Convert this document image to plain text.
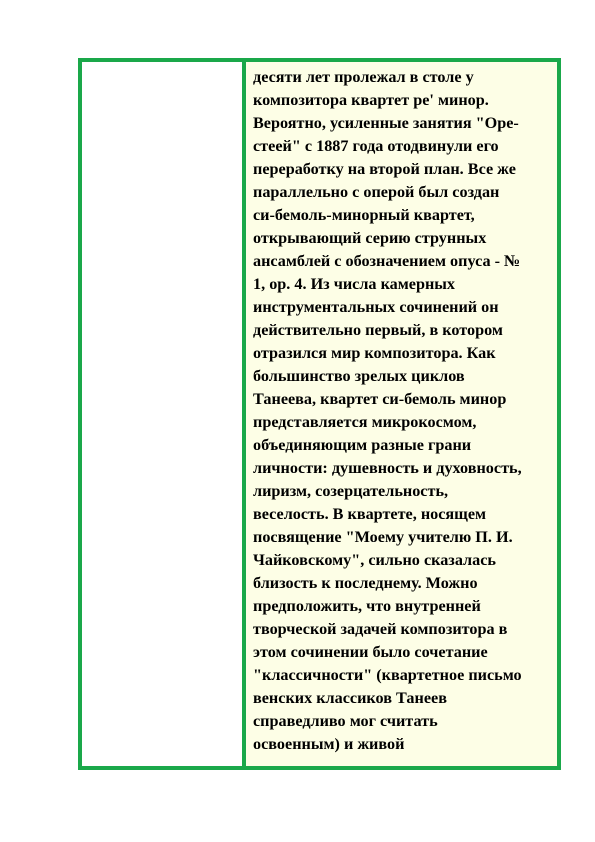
десяти лет пролежал в столе у
композитора квартет ре' минор.
Вероятно, усиленные занятия "Оре-
стеей" с 1887 года отодвинули его
переработку на второй план. Все же
параллельно с оперой был создан
си-бемоль-минорный квартет,
открывающий серию струнных
ансамблей с обозначением опуса - №
1, ор. 4. Из числа камерных
инструментальных сочинений он
действительно первый, в котором
отразился мир композитора. Как
большинство зрелых циклов
Танеева, квартет си-бемоль минор
представляется микрокосмом,
объединяющим разные грани
личности: душевность и духовность,
лиризм, созерцательность,
веселость. В квартете, носящем
посвящение "Моему учителю П. И.
Чайковскому", сильно сказалась
близость к последнему. Можно
предположить, что внутренней
творческой задачей композитора в
этом сочинении было сочетание
"классичности" (квартетное письмо
венских классиков Танеев
справедливо мог считать
освоенным) и живой
